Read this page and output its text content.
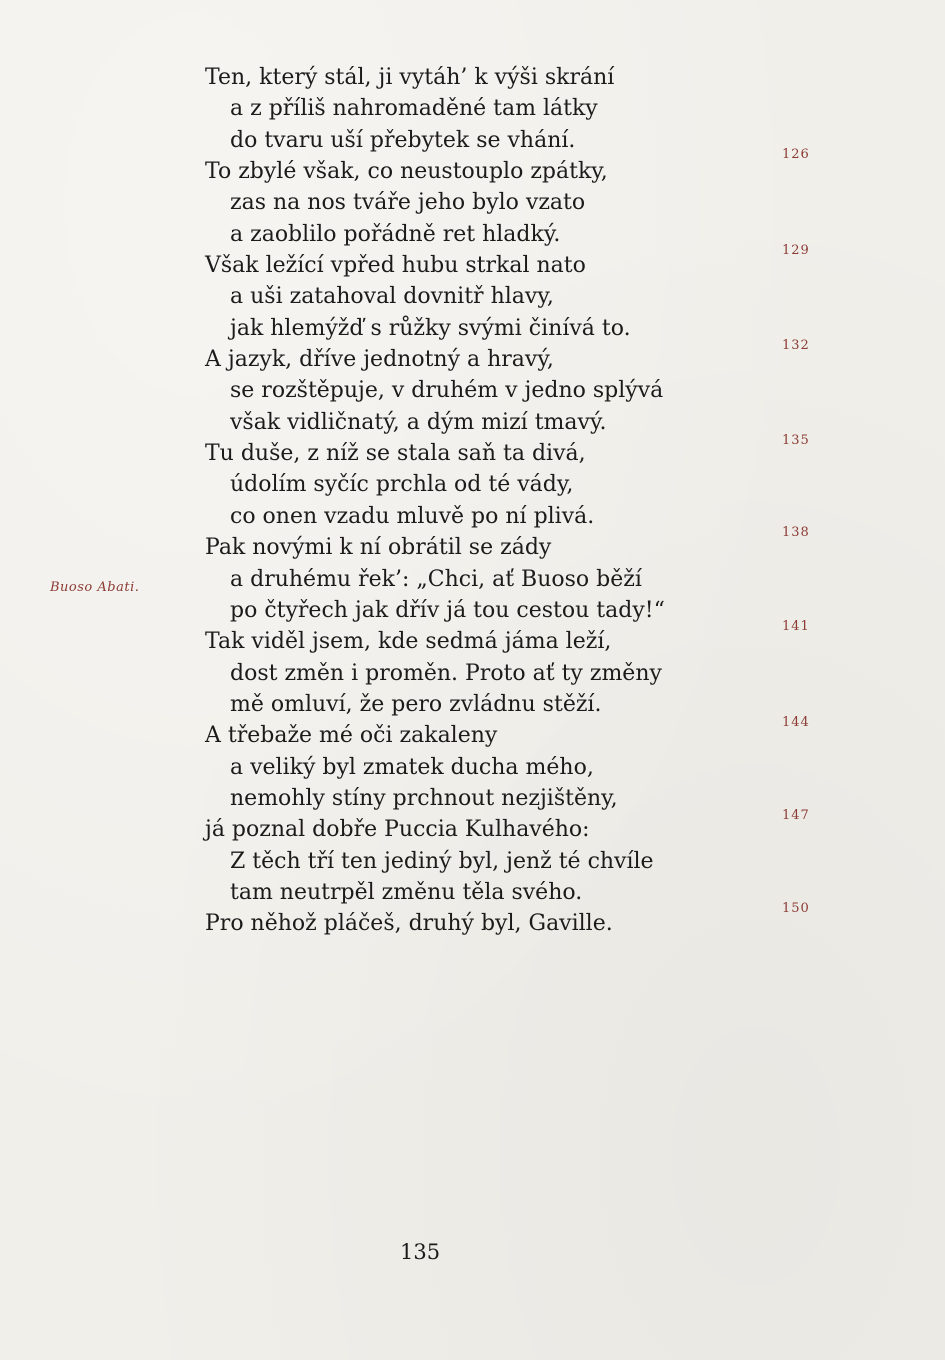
Ten, který stál, ji vytáh’ k výši skrání
a z příliš nahromaděné tam látky
do tvaru uší přebytek se vhání.
To zbylé však, co neustouplo zpátky,
zas na nos tváře jeho bylo vzato
a zaoblilo pořádně ret hladký.
Však ležící vpřed hubu strkal nato
a uši zatahoval dovnitř hlavy,
jak hlemýžď s růžky svými činívá to.
A jazyk, dříve jednotný a hravý,
se rozštěpuje, v druhém v jedno splývá
však vidličnatý, a dým mizí tmavý.
Tu duše, z níž se stala saň ta divá,
údolím syčíc prchla od té vády,
co onen vzadu mluvě po ní plivá.
Pak novými k ní obrátil se zády
a druhému řek’: „Chci, ať Buoso běží
po čtyřech jak dřív já tou cestou tady!“
Tak viděl jsem, kde sedmá jáma leží,
dost změn i proměn. Proto ať ty změny
mě omluví, že pero zvládnu stěží.
A třebaže mé oči zakaleny
a veliký byl zmatek ducha mého,
nemohly stíny prchnout nezjištěny,
já poznal dobře Puccia Kulhavého:
Z těch tří ten jediný byl, jenž té chvíle
tam neutrpěl změnu těla svého.
Pro něhož pláčeš, druhý byl, Gaville.
126
129
132
135
138
141
144
147
150
Buoso Abati.
135
